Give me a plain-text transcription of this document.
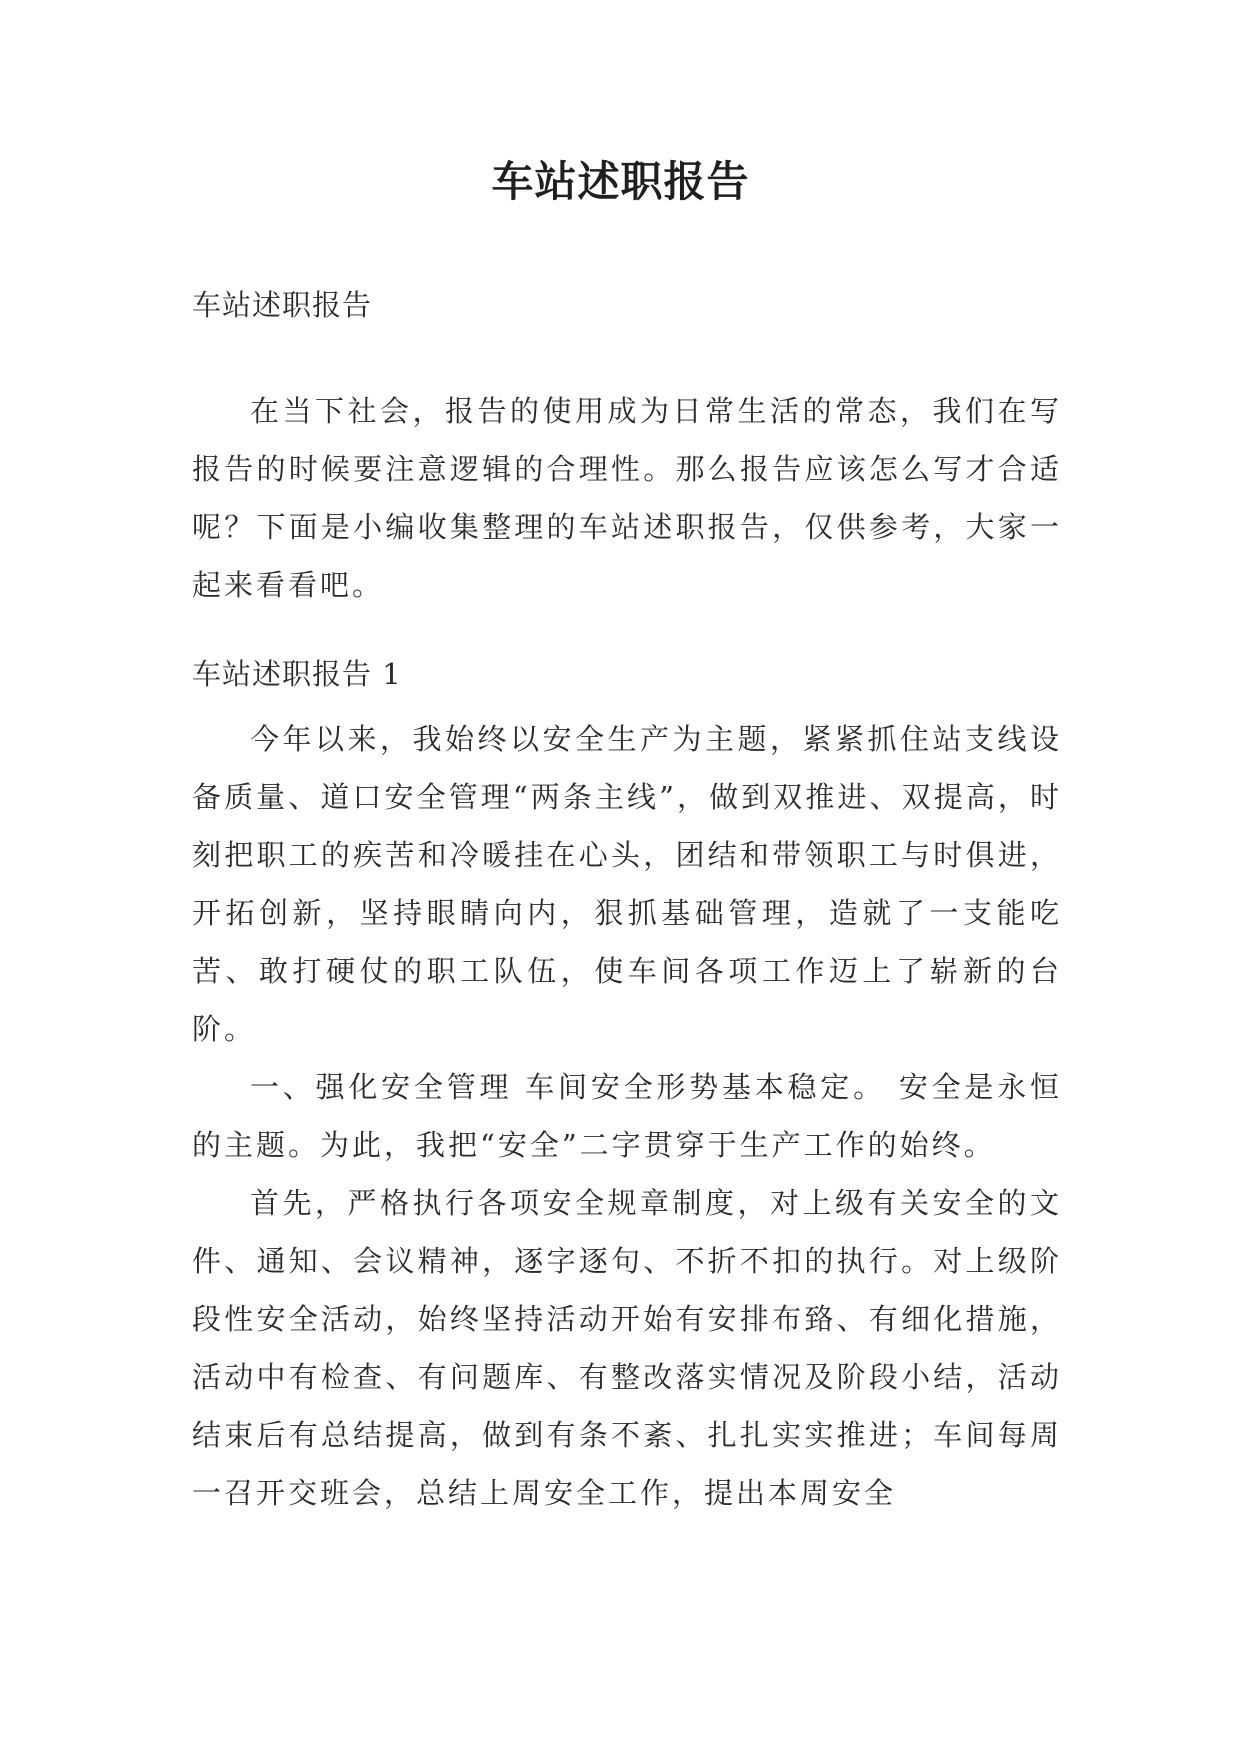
车站述职报告

车站述职报告

在当下社会，报告的使用成为日常生活的常态，我们在写报告的时候要注意逻辑的合理性。那么报告应该怎么写才合适呢？下面是小编收集整理的车站述职报告，仅供参考，大家一起来看看吧。

车站述职报告 1

今年以来，我始终以安全生产为主题，紧紧抓住站支线设备质量、道口安全管理“两条主线”，做到双推进、双提高，时刻把职工的疾苦和冷暖挂在心头，团结和带领职工与时俱进，开拓创新，坚持眼睛向内，狠抓基础管理，造就了一支能吃苦、敢打硬仗的职工队伍，使车间各项工作迈上了崭新的台阶。

一、强化安全管理 车间安全形势基本稳定。 安全是永恒的主题。为此，我把“安全”二字贯穿于生产工作的始终。

首先，严格执行各项安全规章制度，对上级有关安全的文件、通知、会议精神，逐字逐句、不折不扣的执行。对上级阶段性安全活动，始终坚持活动开始有安排布臵、有细化措施，活动中有检查、有问题库、有整改落实情况及阶段小结，活动结束后有总结提高，做到有条不紊、扎扎实实推进；车间每周一召开交班会，总结上周安全工作，提出本周安全
